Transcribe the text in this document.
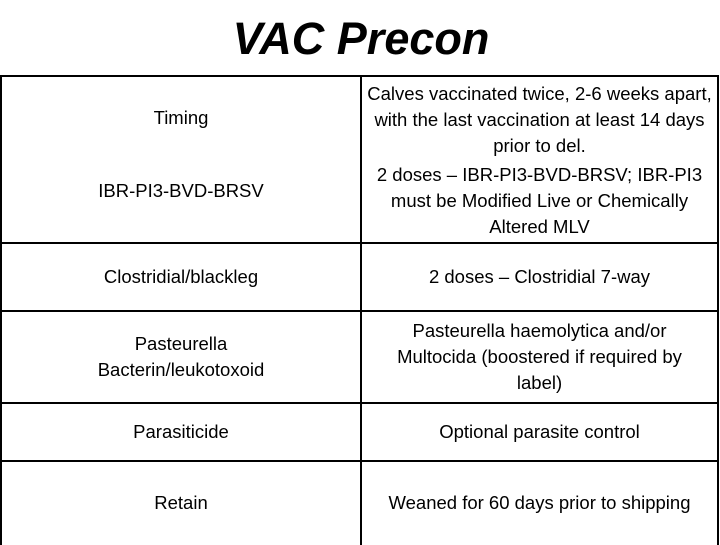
VAC Precon
Timing	Calves vaccinated twice, 2-6 weeks apart, with the last vaccination at least 14 days prior to del.
IBR-PI3-BVD-BRSV	2 doses – IBR-PI3-BVD-BRSV; IBR-PI3 must be Modified Live or Chemically Altered MLV
Clostridial/blackleg	2 doses – Clostridial 7-way
Pasteurella Bacterin/leukotoxoid	Pasteurella haemolytica and/or Multocida (boostered if required by label)
Parasiticide	Optional parasite control
Retain	Weaned for 60 days prior to shipping
